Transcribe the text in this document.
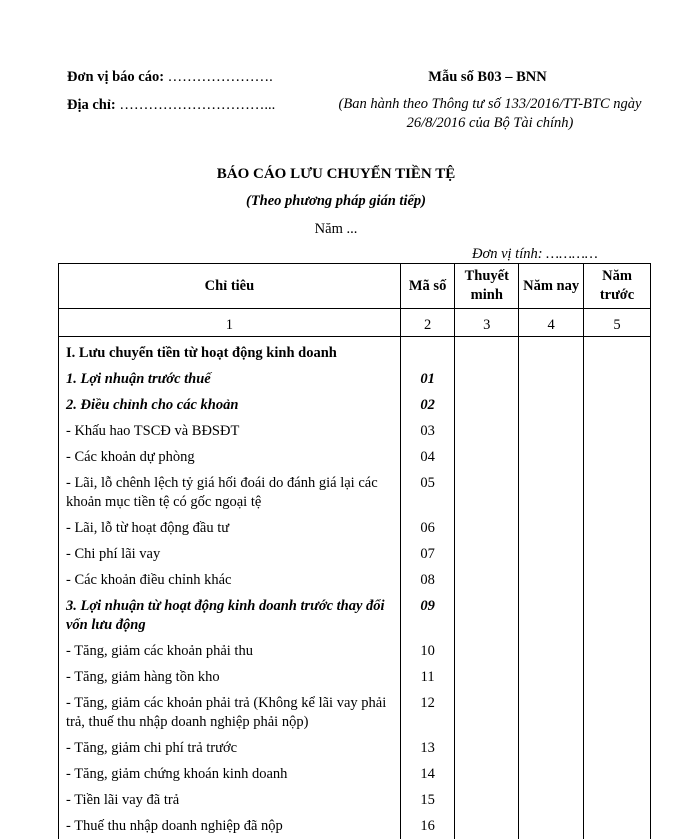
Đơn vị báo cáo: ………………….
Địa chỉ: …………………………...
Mẫu số B03 – BNN
(Ban hành theo Thông tư số 133/2016/TT-BTC ngày 26/8/2016 của Bộ Tài chính)
BÁO CÁO LƯU CHUYỂN TIỀN TỆ
(Theo phương pháp gián tiếp)
Năm ...
Đơn vị tính: …………
Chỉ tiêu	Mã số	Thuyết minh	Năm nay	Năm trước
1	2	3	4	5
I. Lưu chuyển tiền từ hoạt động kinh doanh				
1. Lợi nhuận trước thuế	01			
2. Điều chỉnh cho các khoản	02			
- Khấu hao TSCĐ và BĐSĐT	03			
- Các khoản dự phòng	04			
- Lãi, lỗ chênh lệch tỷ giá hối đoái do đánh giá lại các khoản mục tiền tệ có gốc ngoại tệ	05			
- Lãi, lỗ từ hoạt động đầu tư	06			
- Chi phí lãi vay	07			
- Các khoản điều chỉnh khác	08			
3. Lợi nhuận từ hoạt động kinh doanh trước thay đổi vốn lưu động	09			
- Tăng, giảm các khoản phải thu	10			
- Tăng, giảm hàng tồn kho	11			
- Tăng, giảm các khoản phải trả (Không kể lãi vay phải trả, thuế thu nhập doanh nghiệp phải nộp)	12			
- Tăng, giảm chi phí trả trước	13			
- Tăng, giảm chứng khoán kinh doanh	14			
- Tiền lãi vay đã trả	15			
- Thuế thu nhập doanh nghiệp đã nộp	16			
